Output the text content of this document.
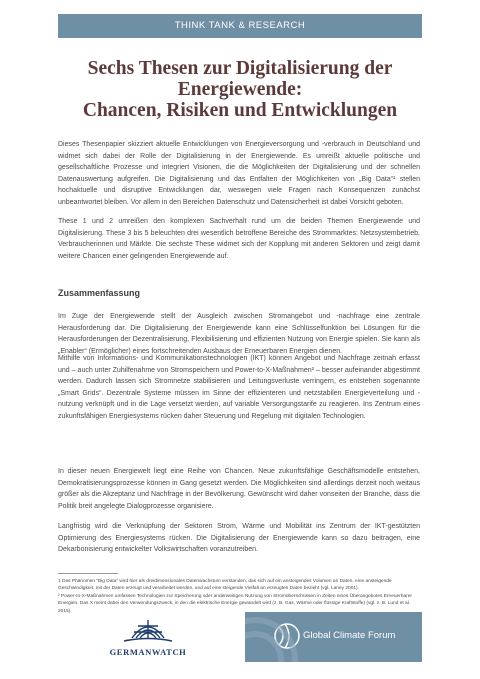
THINK TANK & RESEARCH
Sechs Thesen zur Digitalisierung der
Energiewende:
Chancen, Risiken und Entwicklungen

Dieses Thesenpapier skizziert aktuelle Entwicklungen von Energieversorgung und -verbrauch in Deutschland und widmet sich dabei der Rolle der Digitalisierung in der Energiewende. Es umreißt aktuelle politische und gesellschaftliche Prozesse und integriert Visionen, die die Möglichkeiten der Digitalisierung und der schnellen Datenauswertung aufgreifen. Die Digitalisierung und das Entfalten der Möglichkeiten von „Big Data“¹ stellen hochaktuelle und disruptive Entwicklungen dar, weswegen viele Fragen nach Konsequenzen zunächst unbeantwortet bleiben. Vor allem in den Bereichen Datenschutz und Datensicherheit ist dabei Vorsicht geboten.

These 1 und 2 umreißen den komplexen Sachverhalt rund um die beiden Themen Energiewende und Digitalisierung. These 3 bis 5 beleuchten drei wesentlich betroffene Bereiche des Strommarktes: Netzsystembetrieb, Verbraucherinnen und Märkte. Die sechste These widmet sich der Kopplung mit anderen Sektoren und zeigt damit weitere Chancen einer gelingenden Energiewende auf.

Zusammenfassung

Im Zuge der Energiewende stellt der Ausgleich zwischen Stromangebot und -nachfrage eine zentrale Herausforderung dar. Die Digitalisierung der Energiewende kann eine Schlüsselfunktion bei Lösungen für die Herausforderungen der Dezentralisierung, Flexibilisierung und effizienten Nutzung von Energie spielen. Sie kann als „Enabler“ (Ermöglicher) eines fortschreitenden Ausbaus der Erneuerbaren Energien dienen.

Mithilfe von Informations- und Kommunikationstechnologien (IKT) können Angebot und Nachfrage zeitnah erfasst und – auch unter Zuhilfenahme von Stromspeichern und Power-to-X-Maßnahmen² – besser aufeinander abgestimmt werden. Dadurch lassen sich Stromnetze stabilisieren und Leitungsverluste verringern, es entstehen sogenannte „Smart Grids“. Dezentrale Systeme müssen im Sinne der effizienteren und netzstabilen Energieverteilung und -nutzung verknüpft und in die Lage versetzt werden, auf variable Versorgungstarife zu reagieren. Ins Zentrum eines zukunftsfähigen Energiesystems rücken daher Steuerung und Regelung mit digitalen Technologien.

In dieser neuen Energiewelt liegt eine Reihe von Chancen. Neue zukunftsfähige Geschäftsmodelle entstehen, Demokratisierungsprozesse können in Gang gesetzt werden. Die Möglichkeiten sind allerdings derzeit noch weitaus größer als die Akzeptanz und Nachfrage in der Bevölkerung. Gewünscht wird daher vonseiten der Branche, dass die Politik breit angelegte Dialogprozesse organisiere.

Langfristig wird die Verknüpfung der Sektoren Strom, Wärme und Mobilität ins Zentrum der IKT-gestützten Optimierung des Energiesystems rücken. Die Digitalisierung der Energiewende kann so dazu beitragen, eine Dekarbonisierung entwickelter Volkswirtschaften voranzutreiben.

1 Das Phänomen “Big Data” wird hier als dreidimensionales Datenwachstum verstanden, das sich auf ein ansteigendes Volumen an Daten, eine ansteigende Geschwindigkeit, mit der Daten erzeugt und verarbeitet werden, und auf eine steigende Vielfalt an erzeugten Daten bezieht (vgl. Laney 2001).

² Power-to-X-Maßnahmen umfassen Technologien zur Speicherung oder anderweitigen Nutzung von Stromüberschüssen in Zeiten eines Überangebotes Erneuerbarer Energien. Das X meint dabei den Verwendungszweck, in den die elektrische Energie gewandelt wird (z. B. Gas, Wärme oder flüssige Kraftstoffe) (vgl. z. B. Lund et al. 2015).

GERMANWATCH
Global Climate Forum
